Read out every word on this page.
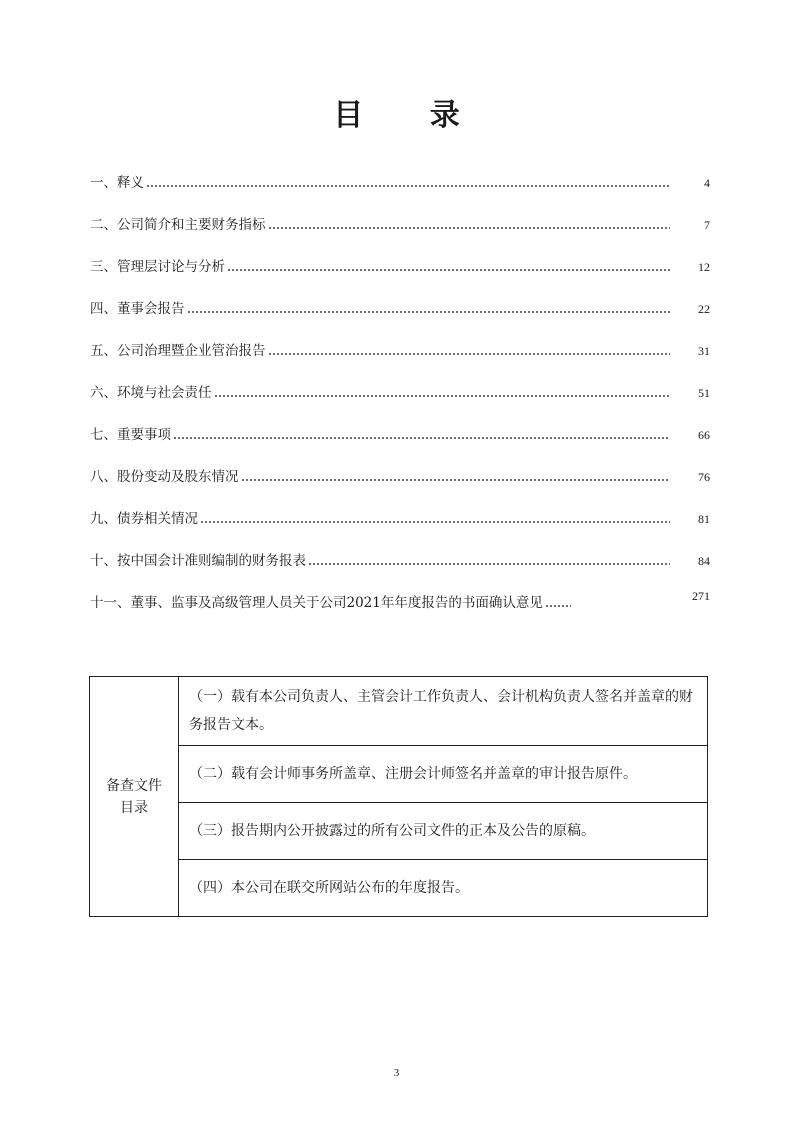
目 录
一、释义	4
二、公司简介和主要财务指标	7
三、管理层讨论与分析	12
四、董事会报告	22
五、公司治理暨企业管治报告	31
六、环境与社会责任	51
七、重要事项	66
八、股份变动及股东情况	76
九、债券相关情况	81
十、按中国会计准则编制的财务报表	84
十一、董事、监事及高级管理人员关于公司2021年年度报告的书面确认意见	271
备查文件
目录
	（一）载有本公司负责人、主管会计工作负责人、会计机构负责人签名并盖章的财务报告文本。
（二）载有会计师事务所盖章、注册会计师签名并盖章的审计报告原件。
（三）报告期内公开披露过的所有公司文件的正本及公告的原稿。
（四）本公司在联交所网站公布的年度报告。
3
